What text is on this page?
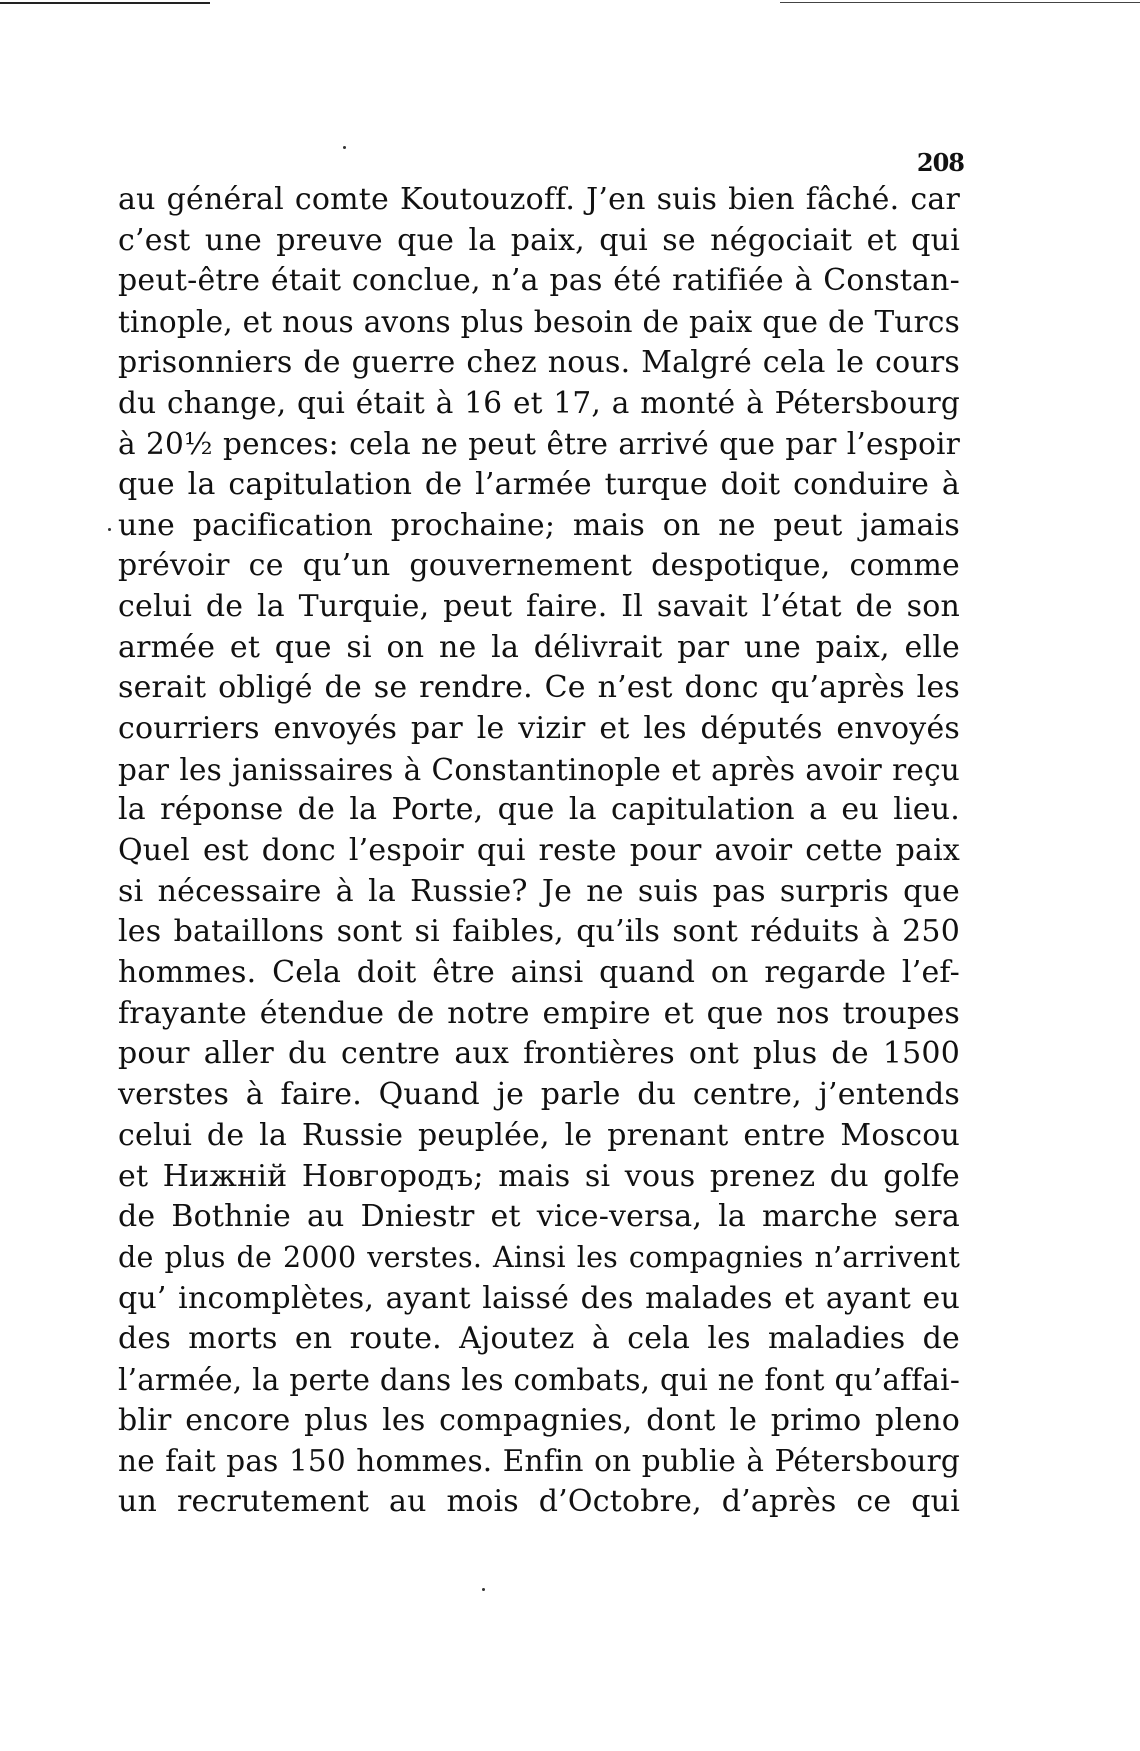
208
au général comte Koutouzoff. J’en suis bien fâché. car
c’est une preuve que la paix, qui se négociait et qui
peut-être était conclue, n’a pas été ratifiée à Constan-
tinople, et nous avons plus besoin de paix que de Turcs
prisonniers de guerre chez nous. Malgré cela le cours
du change, qui était à 16 et 17, a monté à Pétersbourg
à 20½ pences: cela ne peut être arrivé que par l’espoir
que la capitulation de l’armée turque doit conduire à
une pacification prochaine; mais on ne peut jamais
prévoir ce qu’un gouvernement despotique, comme
celui de la Turquie, peut faire. Il savait l’état de son
armée et que si on ne la délivrait par une paix, elle
serait obligé de se rendre. Ce n’est donc qu’après les
courriers envoyés par le vizir et les députés envoyés
par les janissaires à Constantinople et après avoir reçu
la réponse de la Porte, que la capitulation a eu lieu.
Quel est donc l’espoir qui reste pour avoir cette paix
si nécessaire à la Russie? Je ne suis pas surpris que
les bataillons sont si faibles, qu’ils sont réduits à 250
hommes. Cela doit être ainsi quand on regarde l’ef-
frayante étendue de notre empire et que nos troupes
pour aller du centre aux frontières ont plus de 1500
verstes à faire. Quand je parle du centre, j’entends
celui de la Russie peuplée, le prenant entre Moscou
et Нижній Новгородъ; mais si vous prenez du golfe
de Bothnie au Dniestr et vice-versa, la marche sera
de plus de 2000 verstes. Ainsi les compagnies n’arrivent
qu’ incomplètes, ayant laissé des malades et ayant eu
des morts en route. Ajoutez à cela les maladies de
l’armée, la perte dans les combats, qui ne font qu’affai-
blir encore plus les compagnies, dont le primo pleno
ne fait pas 150 hommes. Enfin on publie à Pétersbourg
un recrutement au mois d’Octobre, d’après ce qui
